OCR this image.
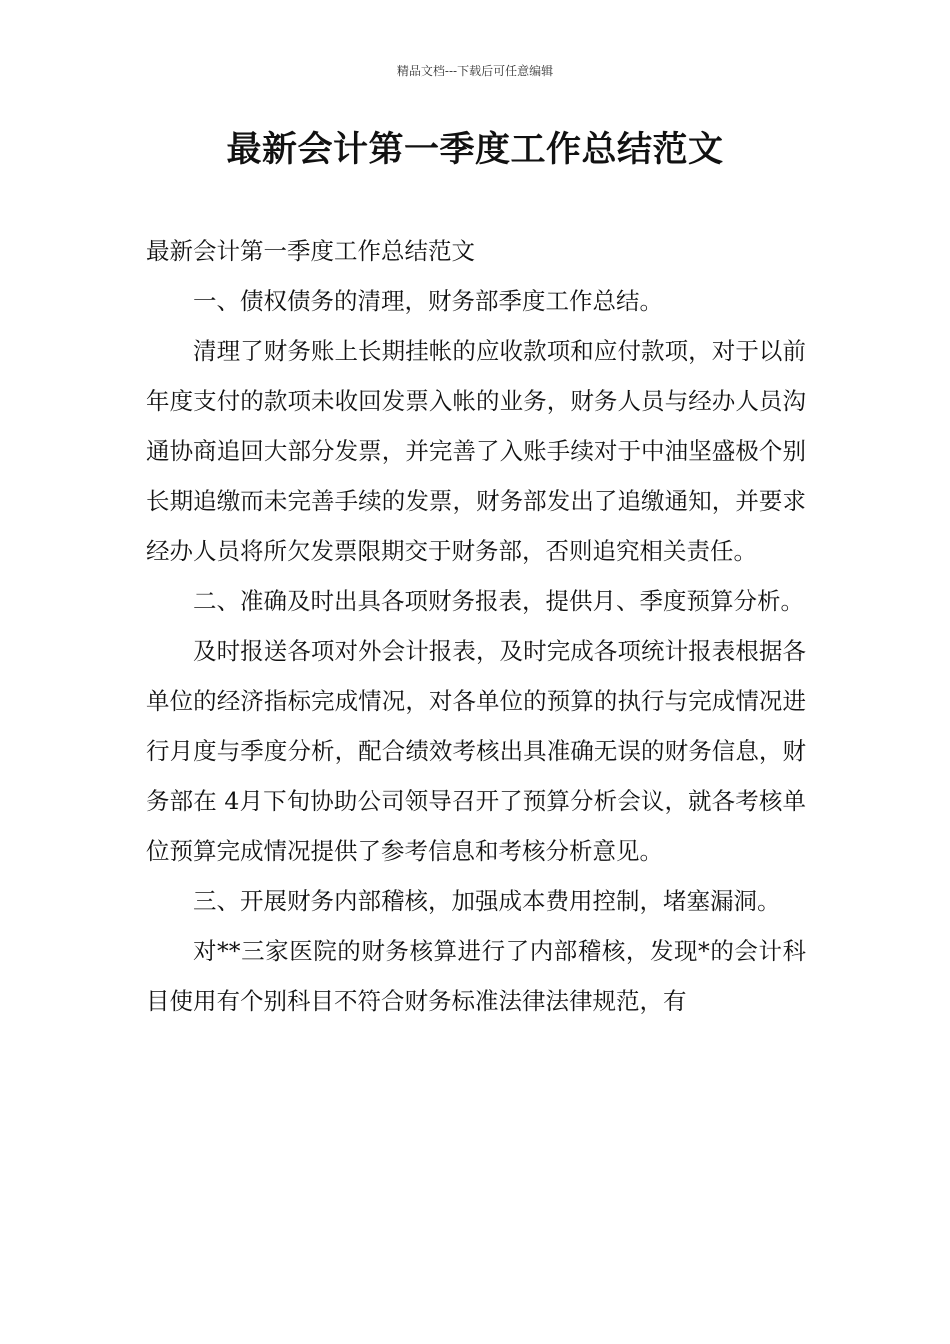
精品文档---下载后可任意编辑
最新会计第一季度工作总结范文

最新会计第一季度工作总结范文

一、债权债务的清理，财务部季度工作总结。

清理了财务账上长期挂帐的应收款项和应付款项，对于以前年度支付的款项未收回发票入帐的业务，财务人员与经办人员沟通协商追回大部分发票，并完善了入账手续对于中油坚盛极个别长期追缴而未完善手续的发票，财务部发出了追缴通知，并要求经办人员将所欠发票限期交于财务部，否则追究相关责任。

二、准确及时出具各项财务报表，提供月、季度预算分析。

及时报送各项对外会计报表，及时完成各项统计报表根据各单位的经济指标完成情况，对各单位的预算的执行与完成情况进行月度与季度分析，配合绩效考核出具准确无误的财务信息，财务部在 4月下旬协助公司领导召开了预算分析会议，就各考核单位预算完成情况提供了参考信息和考核分析意见。

三、开展财务内部稽核，加强成本费用控制，堵塞漏洞。

对**三家医院的财务核算进行了内部稽核，发现*的会计科目使用有个别科目不符合财务标准法律法律规范，有
